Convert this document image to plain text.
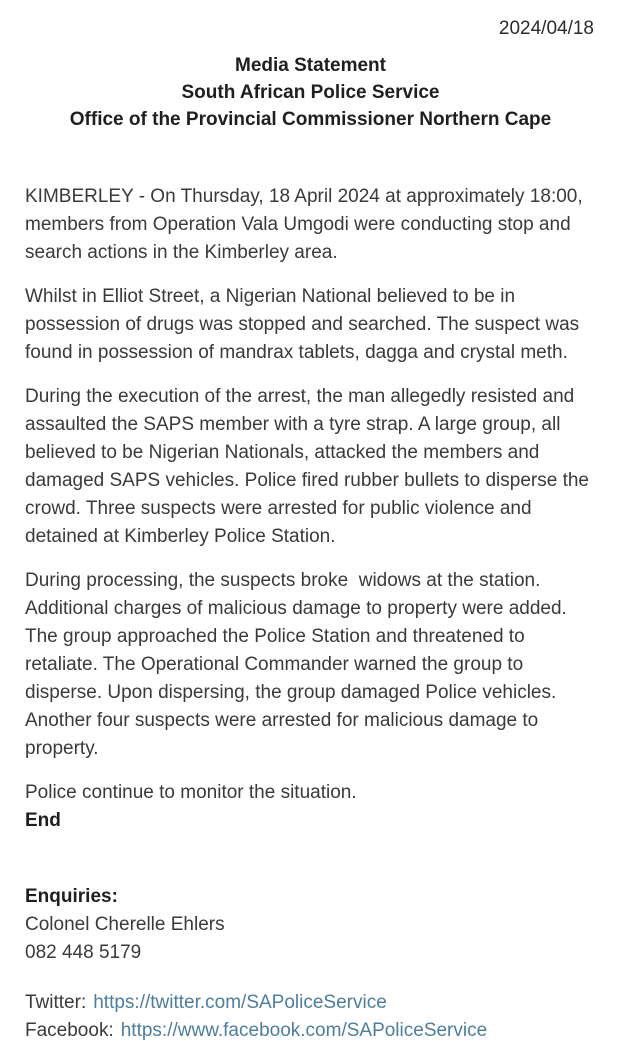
2024/04/18
Media Statement
South African Police Service
Office of the Provincial Commissioner Northern Cape

KIMBERLEY - On Thursday, 18 April 2024 at approximately 18:00, members from Operation Vala Umgodi were conducting stop and search actions in the Kimberley area.

Whilst in Elliot Street, a Nigerian National believed to be in possession of drugs was stopped and searched. The suspect was found in possession of mandrax tablets, dagga and crystal meth.

During the execution of the arrest, the man allegedly resisted and assaulted the SAPS member with a tyre strap. A large group, all believed to be Nigerian Nationals, attacked the members and damaged SAPS vehicles. Police fired rubber bullets to disperse the crowd. Three suspects were arrested for public violence and detained at Kimberley Police Station.

During processing, the suspects broke  widows at the station. Additional charges of malicious damage to property were added. The group approached the Police Station and threatened to retaliate. The Operational Commander warned the group to disperse. Upon dispersing, the group damaged Police vehicles. Another four suspects were arrested for malicious damage to property.

Police continue to monitor the situation.

End

Enquiries:
Colonel Cherelle Ehlers
082 448 5179
Twitter: https://twitter.com/SAPoliceService
Facebook: https://www.facebook.com/SAPoliceService
